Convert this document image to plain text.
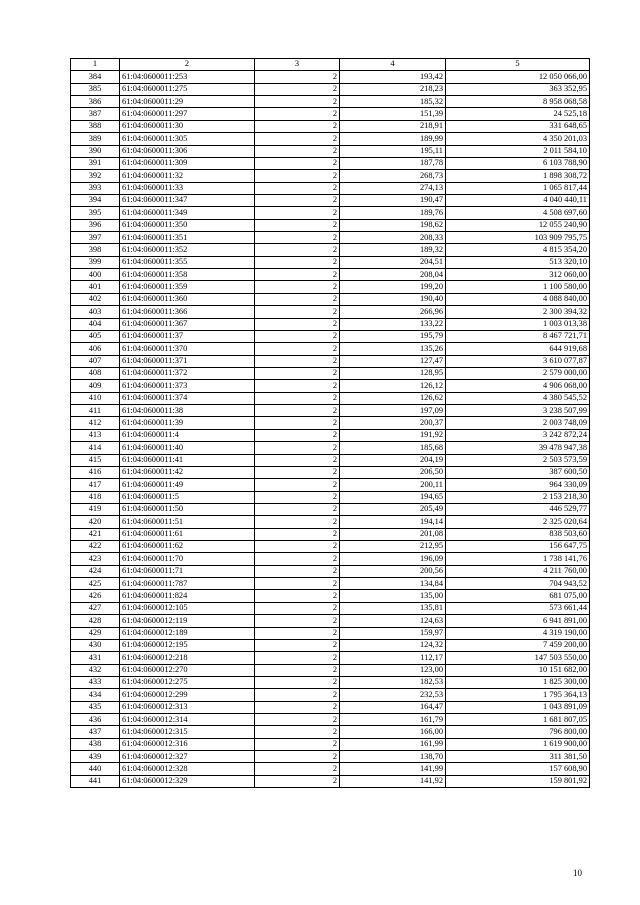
1	2	3	4	5
384	61:04:0600011:253	2	193,42	12 050 066,00
385	61:04:0600011:275	2	218,23	363 352,95
386	61:04:0600011:29	2	185,32	8 958 068,58
387	61:04:0600011:297	2	151,39	24 525,18
388	61:04:0600011:30	2	218,91	331 648,65
389	61:04:0600011:305	2	189,99	4 350 201,03
390	61:04:0600011:306	2	195,11	2 011 584,10
391	61:04:0600011:309	2	187,78	6 103 788,90
392	61:04:0600011:32	2	268,73	1 898 308,72
393	61:04:0600011:33	2	274,13	1 065 817,44
394	61:04:0600011:347	2	190,47	4 040 440,11
395	61:04:0600011:349	2	189,76	4 508 697,60
396	61:04:0600011:350	2	198,62	12 055 240,90
397	61:04:0600011:351	2	208,33	103 909 795,75
398	61:04:0600011:352	2	189,32	4 815 354,20
399	61:04:0600011:355	2	204,51	513 320,10
400	61:04:0600011:358	2	208,04	312 060,00
401	61:04:0600011:359	2	199,20	1 100 580,00
402	61:04:0600011:360	2	190,40	4 088 840,00
403	61:04:0600011:366	2	266,96	2 300 394,32
404	61:04:0600011:367	2	133,22	1 003 013,38
405	61:04:0600011:37	2	195,79	8 467 721,71
406	61:04:0600011:370	2	135,26	644 919,68
407	61:04:0600011:371	2	127,47	3 610 077,87
408	61:04:0600011:372	2	128,95	2 579 000,00
409	61:04:0600011:373	2	126,12	4 906 068,00
410	61:04:0600011:374	2	126,62	4 380 545,52
411	61:04:0600011:38	2	197,09	3 238 507,99
412	61:04:0600011:39	2	200,37	2 003 748,09
413	61:04:0600011:4	2	191,92	3 242 872,24
414	61:04:0600011:40	2	185,68	39 478 947,38
415	61:04:0600011:41	2	204,19	2 503 573,59
416	61:04:0600011:42	2	206,50	387 600,50
417	61:04:0600011:49	2	200,11	964 330,09
418	61:04:0600011:5	2	194,65	2 153 218,30
419	61:04:0600011:50	2	205,49	446 529,77
420	61:04:0600011:51	2	194,14	2 325 020,64
421	61:04:0600011:61	2	201,08	838 503,60
422	61:04:0600011:62	2	212,95	156 647,75
423	61:04:0600011:70	2	196,09	1 738 141,76
424	61:04:0600011:71	2	200,56	4 211 760,00
425	61:04:0600011:787	2	134,84	704 943,52
426	61:04:0600011:824	2	135,00	681 075,00
427	61:04:0600012:105	2	135,81	573 661,44
428	61:04:0600012:119	2	124,63	6 941 891,00
429	61:04:0600012:189	2	159,97	4 319 190,00
430	61:04:0600012:195	2	124,32	7 459 200,00
431	61:04:0600012:218	2	112,17	147 503 550,00
432	61:04:0600012:270	2	123,00	10 151 682,00
433	61:04:0600012:275	2	182,53	1 825 300,00
434	61:04:0600012:299	2	232,53	1 795 364,13
435	61:04:0600012:313	2	164,47	1 043 891,09
436	61:04:0600012:314	2	161,79	1 681 807,05
437	61:04:0600012:315	2	166,00	796 800,00
438	61:04:0600012:316	2	161,99	1 619 900,00
439	61:04:0600012:327	2	138,70	311 381,50
440	61:04:0600012:328	2	141,99	157 608,90
441	61:04:0600012:329	2	141,92	159 801,92
10
